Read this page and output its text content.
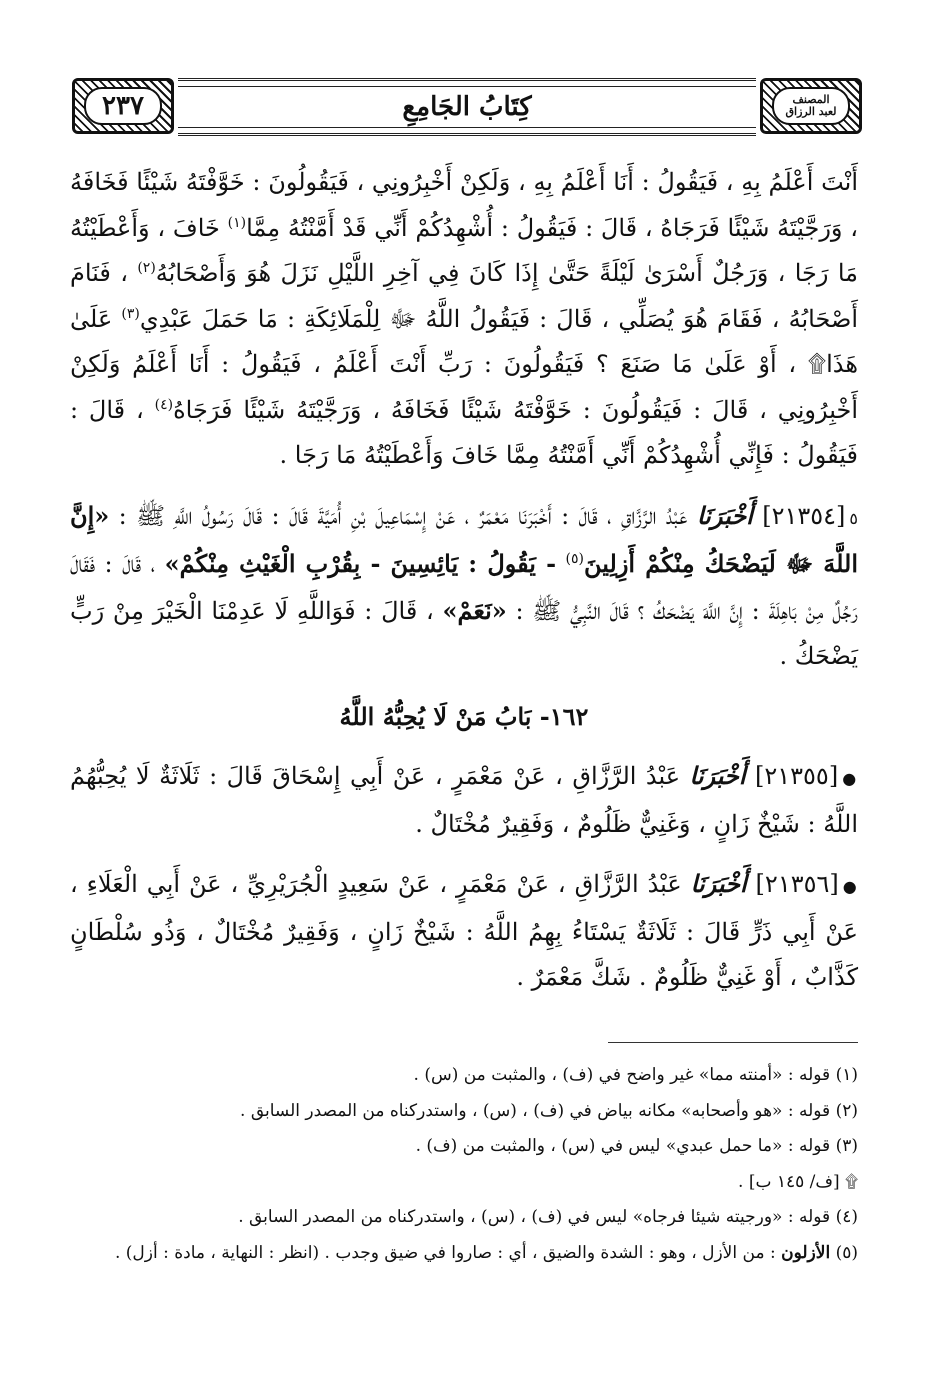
المصنف
لعبد الرزاق
كِتَابُ الجَامِعِ
٢٣٧

أَنْتَ أَعْلَمُ بِهِ ، فَيَقُولُ : أَنَا أَعْلَمُ بِهِ ، وَلَكِنْ أَخْبِرُونِي ، فَيَقُولُونَ : خَوَّفْتَهُ شَيْئًا فَخَافَهُ ، وَرَجَّيْتَهُ شَيْئًا فَرَجَاهُ ، قَالَ : فَيَقُولُ : أُشْهِدُكُمْ أَنِّي قَدْ أَمَّنْتُهُ مِمَّا$^{(١)}$ خَافَ ، وَأَعْطَيْتُهُ مَا رَجَا ، وَرَجُلٌ أَسْرَىٰ لَيْلَةً حَتَّىٰ إِذَا كَانَ فِي آخِرِ اللَّيْلِ نَزَلَ هُوَ وَأَصْحَابُهُ$^{(٢)}$ ، فَنَامَ أَصْحَابُهُ ، فَقَامَ هُوَ يُصَلِّي ، قَالَ : فَيَقُولُ اللَّهُ ﷻ لِلْمَلَائِكَةِ : مَا حَمَلَ عَبْدِي$^{(٣)}$ عَلَىٰ هَذَا۩ ، أَوْ عَلَىٰ مَا صَنَعَ ؟ فَيَقُولُونَ : رَبِّ أَنْتَ أَعْلَمُ ، فَيَقُولُ : أَنَا أَعْلَمُ وَلَكِنْ أَخْبِرُونِي ، قَالَ : فَيَقُولُونَ : خَوَّفْتَهُ شَيْئًا فَخَافَهُ ، وَرَجَّيْتَهُ شَيْئًا فَرَجَاهُ$^{(٤)}$ ، قَالَ : فَيَقُولُ : فَإِنِّي أُشْهِدُكُمْ أَنِّي أَمَّنْتُهُ مِمَّا خَافَ وَأَعْطَيْتُهُ مَا رَجَا .

٥[٢١٣٥٤] أَخْبَرَنَا عَبْدُ الرَّزَّاقِ ، قَالَ : أَخْبَرَنَا مَعْمَرٌ ، عَنْ إِسْمَاعِيلَ بْنِ أُمَيَّةَ قَالَ : قَالَ رَسُولُ اللَّهِ ﷺ : «إِنَّ اللَّهَ ﷻ لَيَضْحَكُ مِنْكُمْ أَزِلِينَ$^{(٥)}$ - يَقُولُ : يَائِسِينَ - بِقُرْبِ الْغَيْثِ مِنْكُمْ» ، قَالَ : فَقَالَ رَجُلٌ مِنْ بَاهِلَةَ : إِنَّ اللَّهَ يَضْحَكُ ؟ قَالَ النَّبِيُّ ﷺ : «نَعَمْ» ، قَالَ : فَوَاللَّهِ لَا عَدِمْنَا الْخَيْرَ مِنْ رَبٍّ يَضْحَكُ .

١٦٢- بَابُ مَنْ لَا يُحِبُّهُ اللَّهُ

●[٢١٣٥٥] أَخْبَرَنَا عَبْدُ الرَّزَّاقِ ، عَنْ مَعْمَرٍ ، عَنْ أَبِي إِسْحَاقَ قَالَ : ثَلَاثَةٌ لَا يُحِبُّهُمُ اللَّهُ : شَيْخٌ زَانٍ ، وَغَنِيٌّ ظَلُومٌ ، وَفَقِيرٌ مُخْتَالٌ .

●[٢١٣٥٦] أَخْبَرَنَا عَبْدُ الرَّزَّاقِ ، عَنْ مَعْمَرٍ ، عَنْ سَعِيدٍ الْجُرَيْرِيِّ ، عَنْ أَبِي الْعَلَاءِ ، عَنْ أَبِي ذَرٍّ قَالَ : ثَلَاثَةٌ يَسْتَاءُ بِهِمُ اللَّهُ : شَيْخٌ زَانٍ ، وَفَقِيرٌ مُخْتَالٌ ، وَذُو سُلْطَانٍ كَذَّابٌ ، أَوْ غَنِيٌّ ظَلُومٌ . شَكَّ مَعْمَرٌ .

(١) قوله : «أمنته مما» غير واضح في (ف) ، والمثبت من (س) .
(٢) قوله : «هو وأصحابه» مكانه بياض في (ف) ، (س) ، واستدركناه من المصدر السابق .
(٣) قوله : «ما حمل عبدي» ليس في (س) ، والمثبت من (ف) .
۩ [ف/ ١٤٥ ب] .
(٤) قوله : «ورجيته شيئا فرجاه» ليس في (ف) ، (س) ، واستدركناه من المصدر السابق .
(٥) الأزلون : من الأزل ، وهو : الشدة والضيق ، أي : صاروا في ضيق وجدب . (انظر : النهاية ، مادة : أزل) .
